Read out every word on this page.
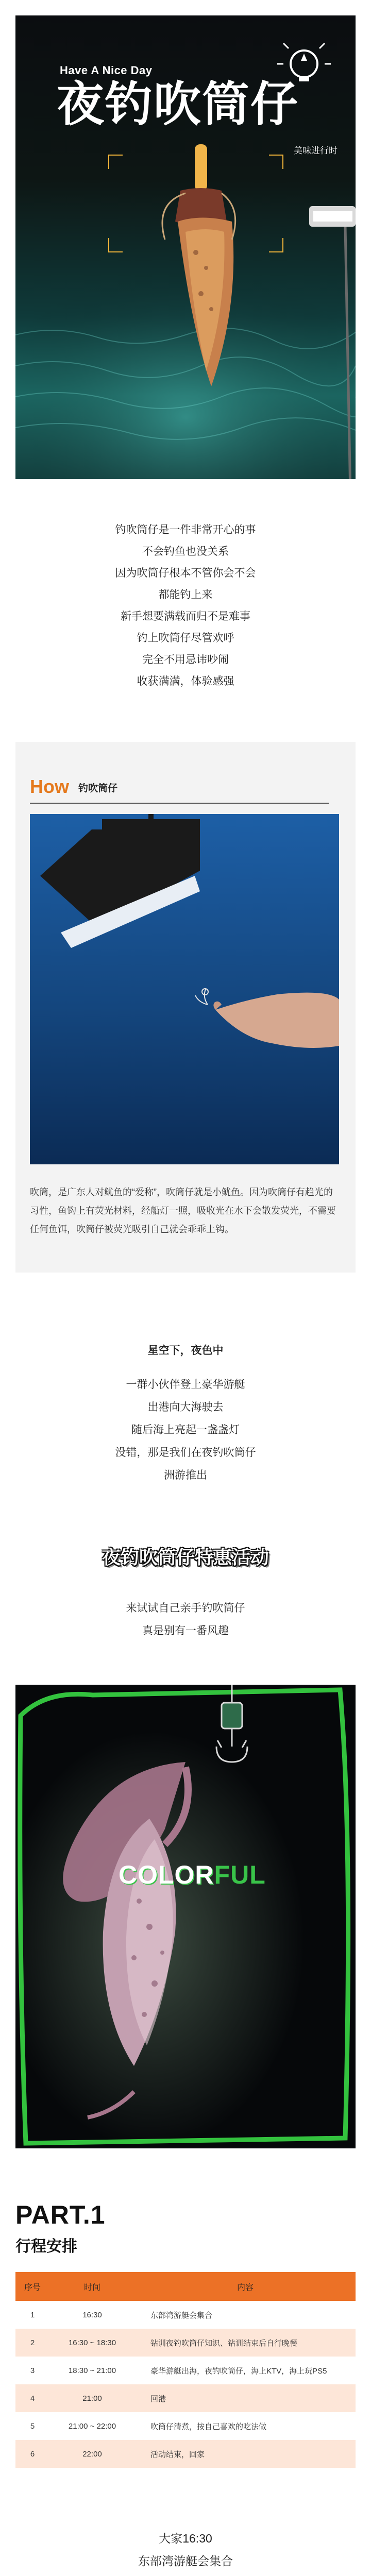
Have A Nice Day
夜钓吹筒仔
美味进行时
钓吹筒仔是一件非常开心的事
不会钓鱼也没关系
因为吹筒仔根本不管你会不会
都能钓上来
新手想要满载而归不是难事
钓上吹筒仔尽管欢呼
完全不用忌讳吵闹
收获满满，体验感强
How 钓吹筒仔
吹筒，是广东人对鱿鱼的“爱称”，吹筒仔就是小鱿鱼。因为吹筒仔有趋光的习性，鱼钩上有荧光材料，经船灯一照，吸收光在水下会散发荧光，不需要任何鱼饵，吹筒仔被荧光吸引自己就会乖乖上钩。
星空下，夜色中
一群小伙伴登上豪华游艇
出港向大海驶去
随后海上亮起一盏盏灯
没错，那是我们在夜钓吹筒仔
洲游推出
夜钓吹筒仔特惠活动
来试试自己亲手钓吹筒仔
真是别有一番风趣
COLORFUL
PART.1
行程安排
序号	时间	内容
1	16:30	东部湾游艇会集合
2	16:30 ~ 18:30	钻训夜钓吹筒仔知识、钻训结束后自行晚餐
3	18:30 ~ 21:00	豪华游艇出海，夜钓吹筒仔，海上KTV，海上玩PS5
4	21:00	回港
5	21:00 ~ 22:00	吹筒仔清煮，按自己喜欢的吃法做
6	22:00	活动结束，回家
大家16:30
东部湾游艇会集合
